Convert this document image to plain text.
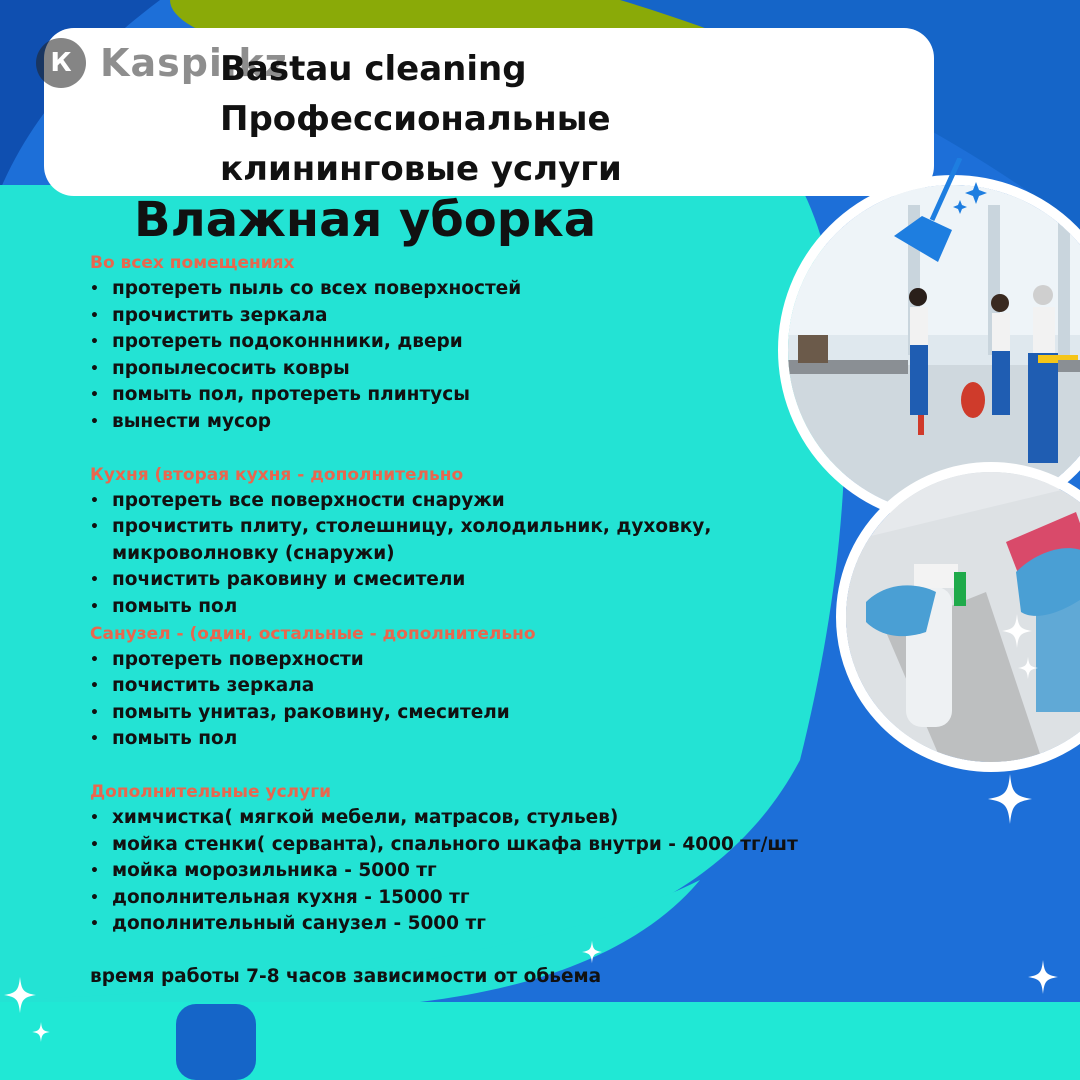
К Kaspi.kz
Bastau cleaning
Профессиональные
клининговые услуги
Влажная уборка
Во всех помещениях
• протереть пыль со всех поверхностей
• прочистить зеркала
• протереть подоконнники, двери
• пропылесосить ковры
• помыть пол, протереть плинтусы
• вынести мусор
Кухня (вторая кухня - дополнительно
• протереть все поверхности снаружи
• прочистить плиту, столешницу, холодильник, духовку, микроволновку (снаружи)
• почистить раковину и смесители
• помыть пол
Санузел - (один, остальные - дополнительно
• протереть поверхности
• почистить зеркала
• помыть унитаз, раковину, смесители
• помыть пол
Дополнительные услуги
• химчистка( мягкой мебели, матрасов, стульев)
• мойка стенки( серванта), спального шкафа внутри - 4000 тг/шт
• мойка морозильника - 5000 тг
• дополнительная кухня - 15000 тг
• дополнительный санузел - 5000 тг
время работы 7-8 часов зависимости от обьема
